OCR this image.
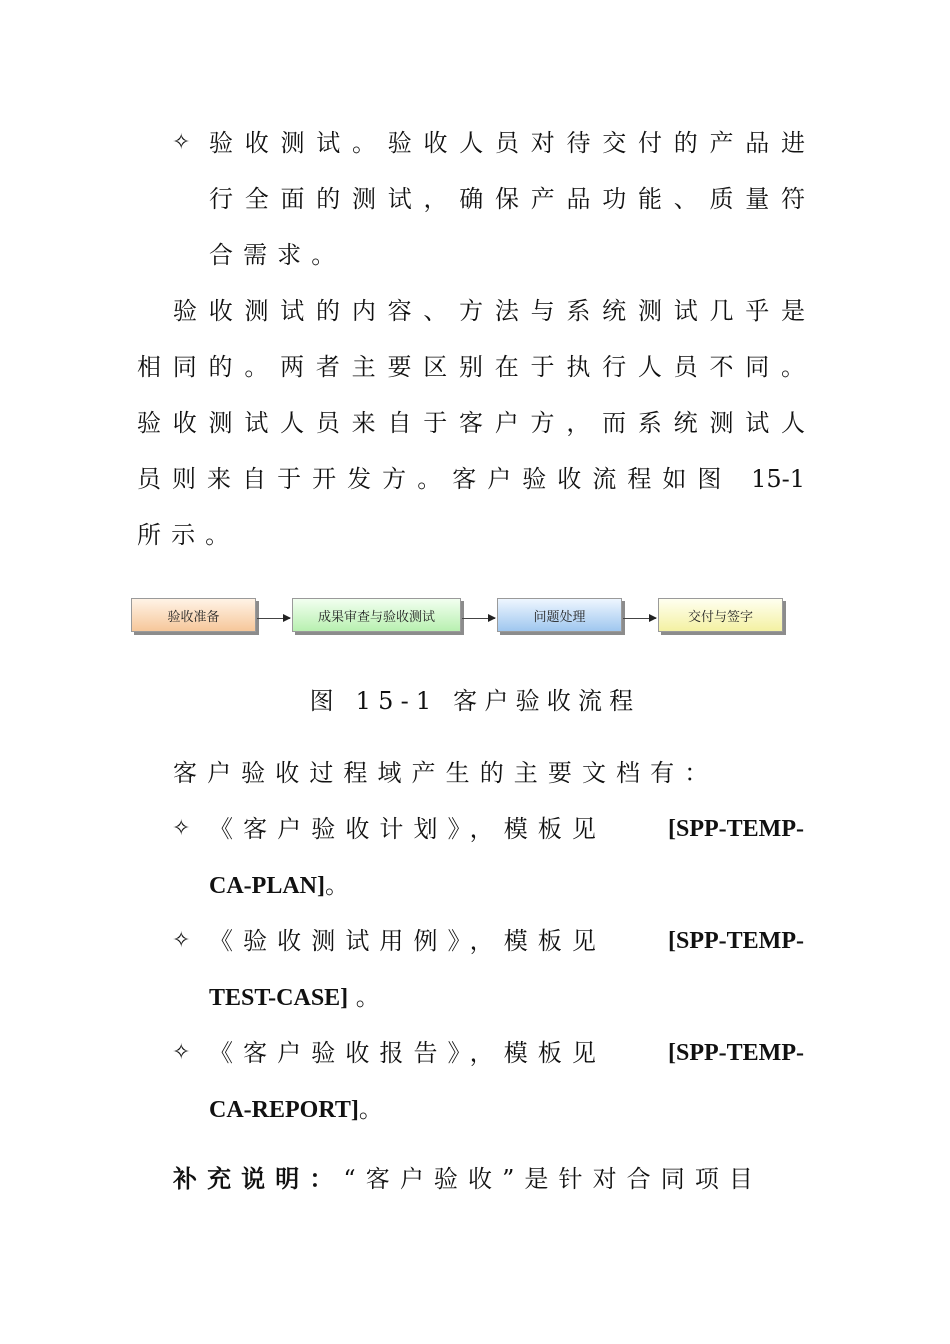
✧ 验收测试。验收人员对待交付的产品进
行全面的测试，确保产品功能、质量符
合需求。
验收测试的内容、方法与系统测试几乎是
相同的。两者主要区别在于执行人员不同。
验收测试人员来自于客户方，而系统测试人
员则来自于开发方。客户验收流程如图 15-1
所示。
验收准备	成果审查与验收测试	问题处理	交付与签字
图 15-1 客户验收流程
客户验收过程域产生的主要文档有：
✧ 《客户验收计划》，模板见	[SPP-TEMP-
CA-PLAN]。
✧ 《验收测试用例》，模板见	[SPP-TEMP-
TEST-CASE] 。
✧ 《客户验收报告》，模板见	[SPP-TEMP-
CA-REPORT]。
补充说明：“客户验收”是针对合同项目
